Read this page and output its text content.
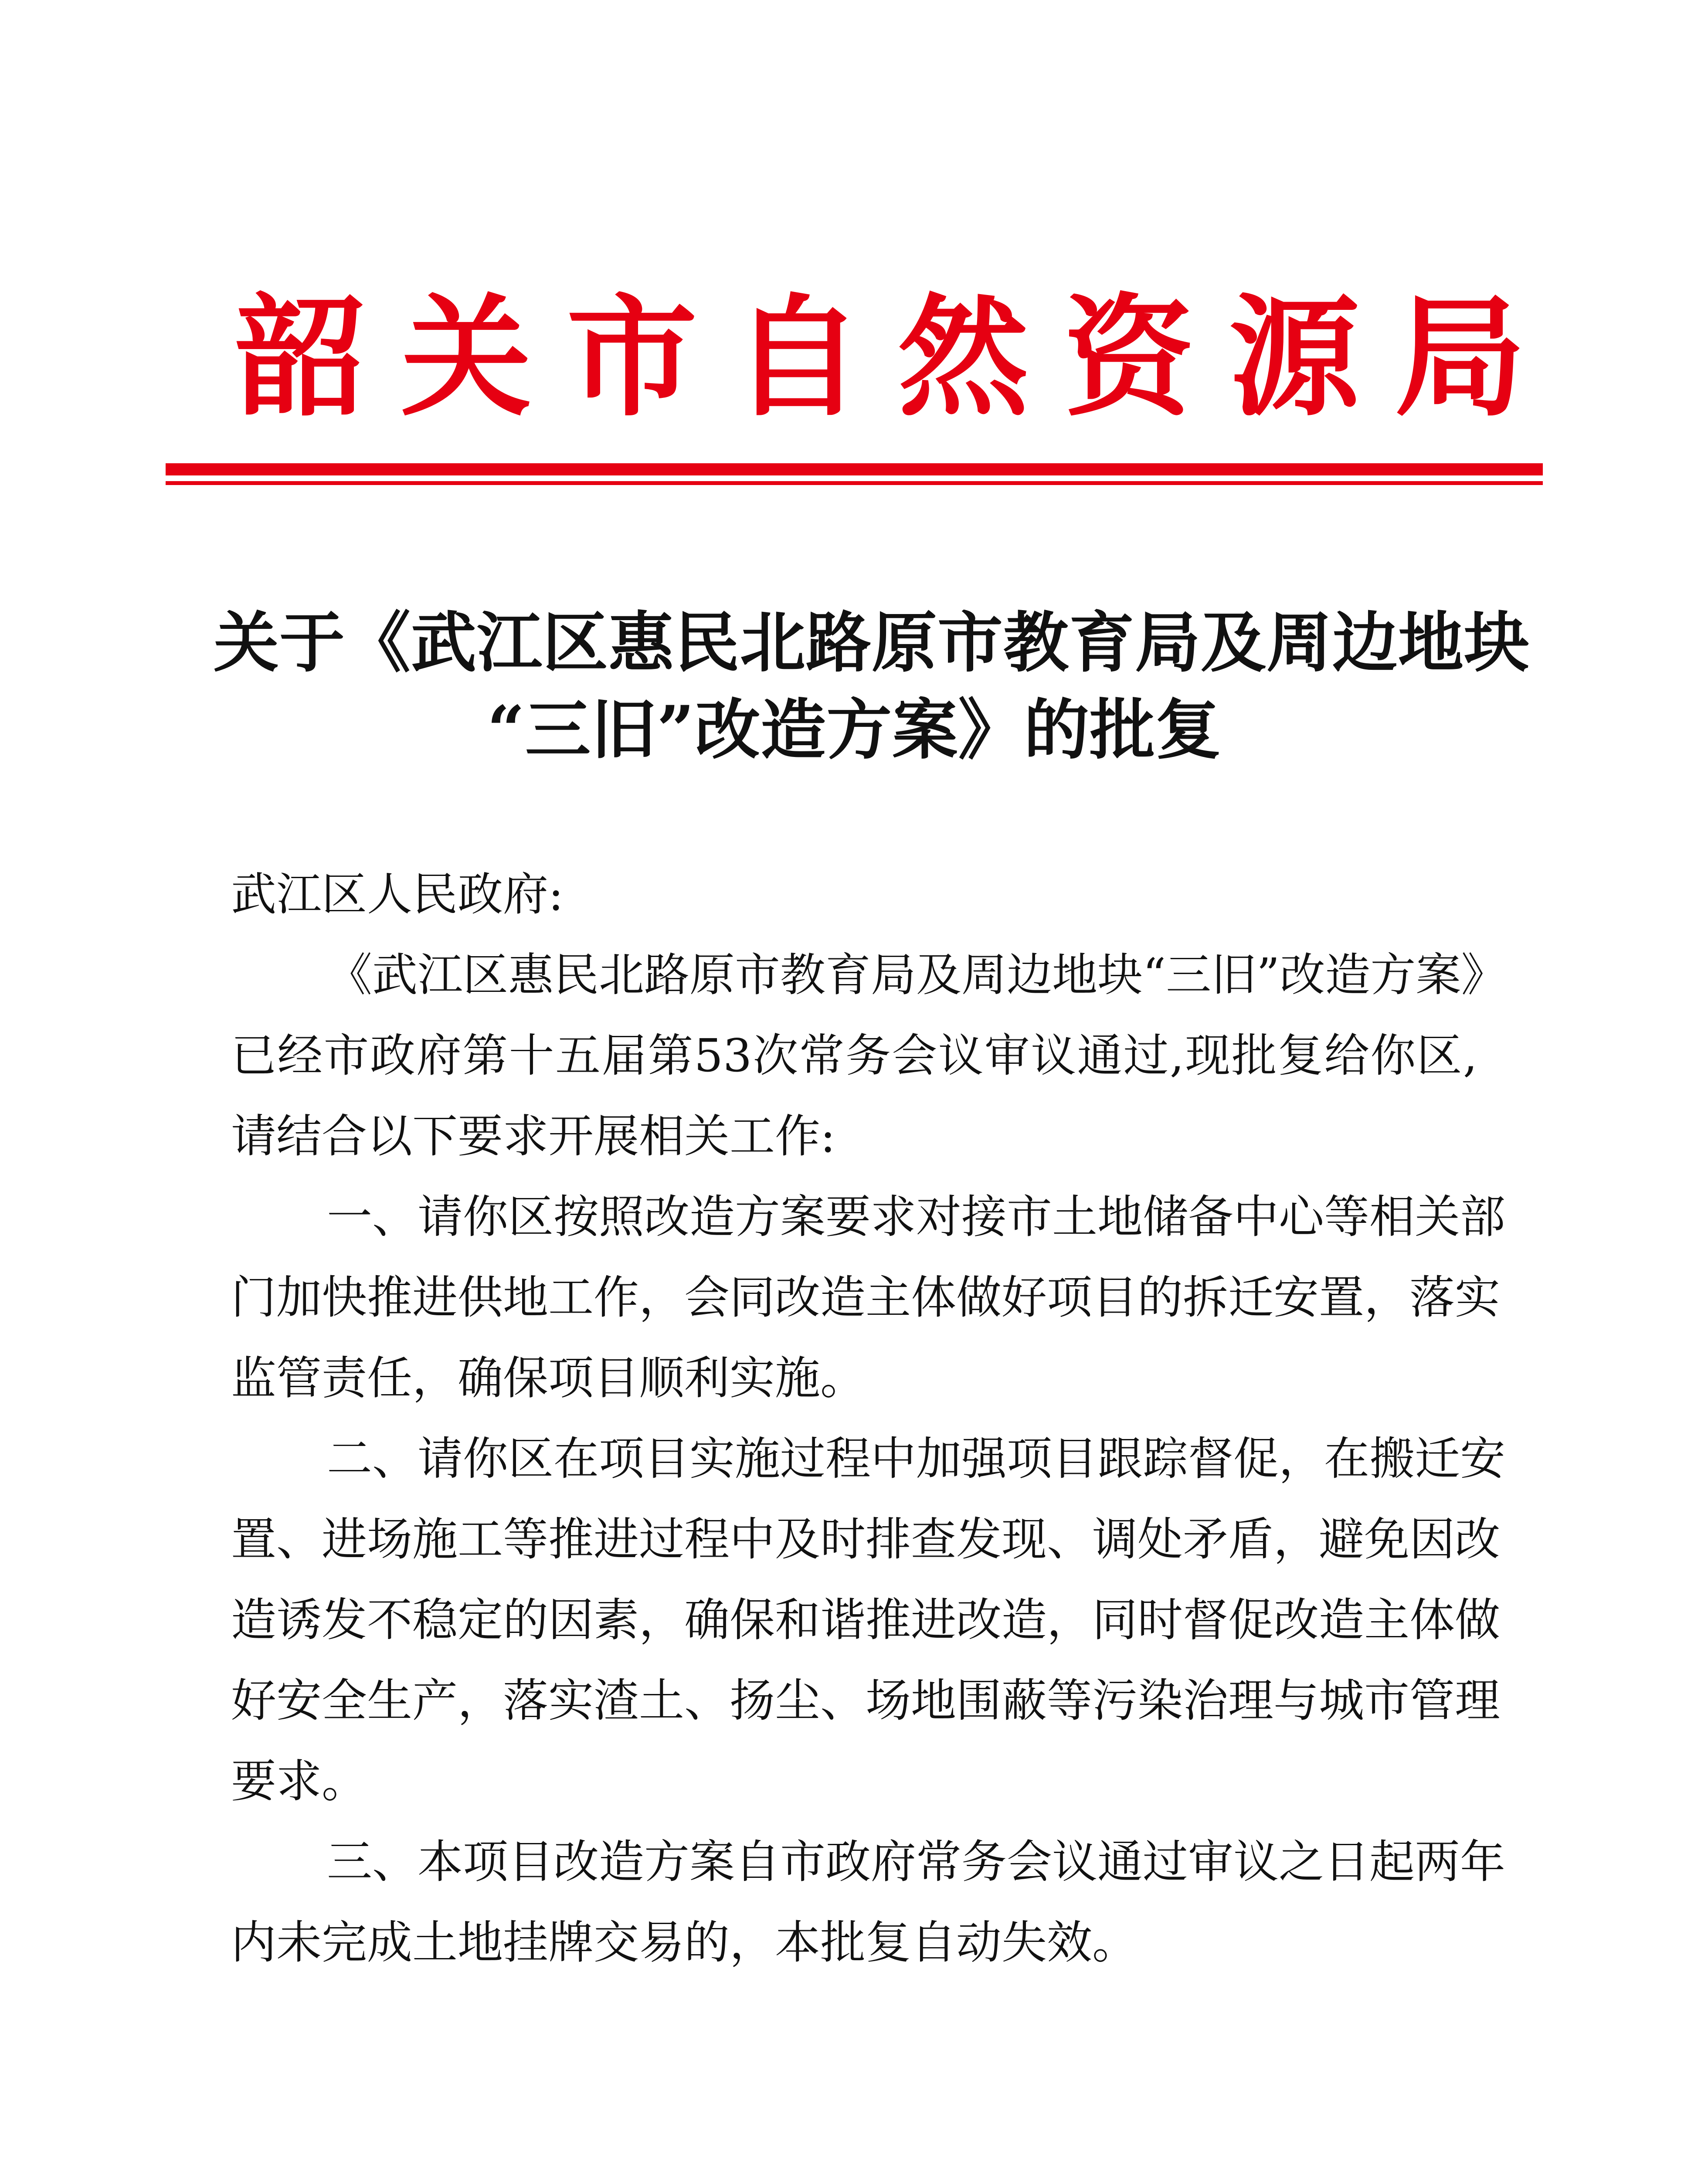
韶 关 市 自 然 资 源 局
关于《武江区惠民北路原市教育局及周边地块
“三旧”改造方案》的批复
武江区人民政府:
《武江区惠民北路原市教育局及周边地块“三旧”改造方案》
已经市政府第十五届第53次常务会议审议通过,现批复给你区,
请结合以下要求开展相关工作:
一、请你区按照改造方案要求对接市土地储备中心等相关部
门加快推进供地工作，会同改造主体做好项目的拆迁安置，落实
监管责任，确保项目顺利实施。
二、请你区在项目实施过程中加强项目跟踪督促，在搬迁安
置、进场施工等推进过程中及时排查发现、调处矛盾，避免因改
造诱发不稳定的因素，确保和谐推进改造，同时督促改造主体做
好安全生产，落实渣土、扬尘、场地围蔽等污染治理与城市管理
要求。
三、本项目改造方案自市政府常务会议通过审议之日起两年
内未完成土地挂牌交易的，本批复自动失效。
